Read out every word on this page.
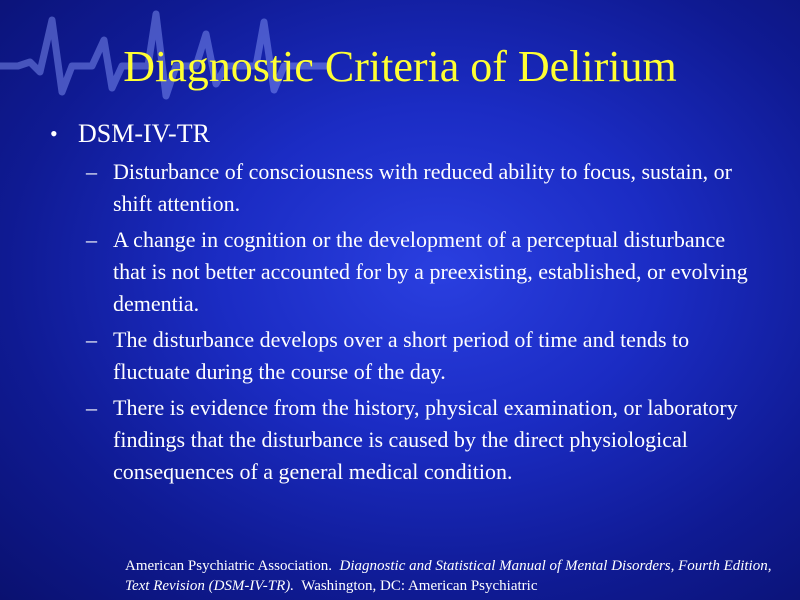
Diagnostic Criteria of Delirium
• DSM-IV-TR
– Disturbance of consciousness with reduced ability to focus, sustain, or shift attention.
– A change in cognition or the development of a perceptual disturbance that is not better accounted for by a preexisting, established, or evolving dementia.
– The disturbance develops over a short period of time and tends to fluctuate during the course of the day.
– There is evidence from the history, physical examination, or laboratory findings that the disturbance is caused by the direct physiological consequences of a general medical condition.
American Psychiatric Association. Diagnostic and Statistical Manual of Mental Disorders, Fourth Edition, Text Revision (DSM-IV-TR). Washington, DC: American Psychiatric
